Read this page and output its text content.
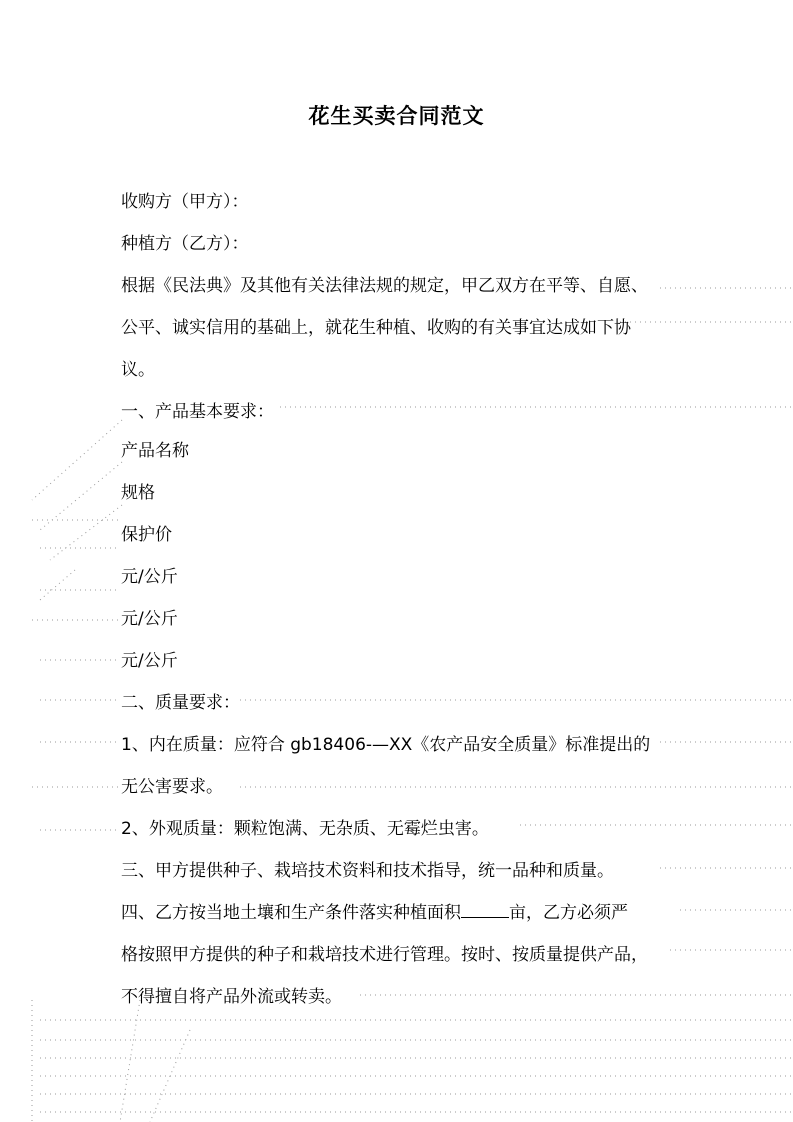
花生买卖合同范文
收购方（甲方）：
种植方（乙方）：
根据《民法典》及其他有关法律法规的规定，甲乙双方在平等、自愿、
公平、诚实信用的基础上，就花生种植、收购的有关事宜达成如下协
议。
一、产品基本要求：
产品名称
规格
保护价
元/公斤
元/公斤
元/公斤
二、质量要求：
1、内在质量：应符合 gb18406-—XX《农产品安全质量》标准提出的
无公害要求。
2、外观质量：颗粒饱满、无杂质、无霉烂虫害。
三、甲方提供种子、栽培技术资料和技术指导，统一品种和质量。
四、乙方按当地土壤和生产条件落实种植面积	亩，乙方必须严
格按照甲方提供的种子和栽培技术进行管理。按时、按质量提供产品，
不得擅自将产品外流或转卖。
